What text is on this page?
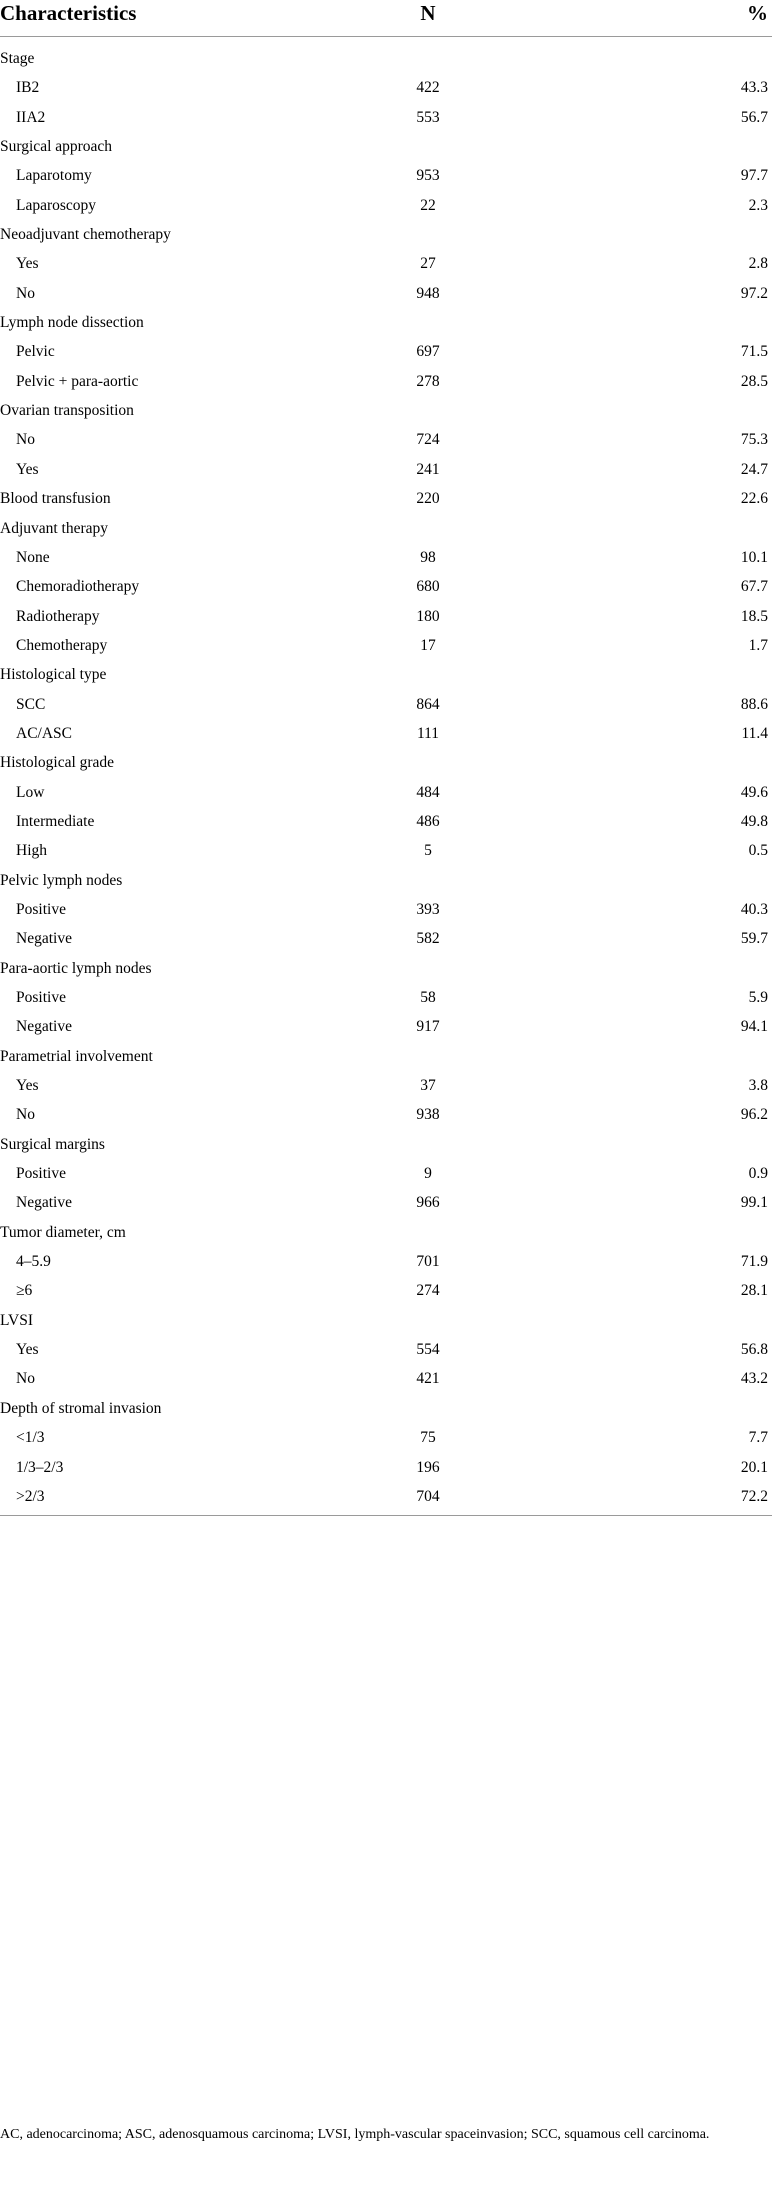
Characteristics	N	%
Stage
IB2	422	43.3
IIA2	553	56.7
Surgical approach
Laparotomy	953	97.7
Laparoscopy	22	2.3
Neoadjuvant chemotherapy
Yes	27	2.8
No	948	97.2
Lymph node dissection
Pelvic	697	71.5
Pelvic + para-aortic	278	28.5
Ovarian transposition
No	724	75.3
Yes	241	24.7
Blood transfusion	220	22.6
Adjuvant therapy
None	98	10.1
Chemoradiotherapy	680	67.7
Radiotherapy	180	18.5
Chemotherapy	17	1.7
Histological type
SCC	864	88.6
AC/ASC	111	11.4
Histological grade
Low	484	49.6
Intermediate	486	49.8
High	5	0.5
Pelvic lymph nodes
Positive	393	40.3
Negative	582	59.7
Para-aortic lymph nodes
Positive	58	5.9
Negative	917	94.1
Parametrial involvement
Yes	37	3.8
No	938	96.2
Surgical margins
Positive	9	0.9
Negative	966	99.1
Tumor diameter, cm
4–5.9	701	71.9
≥6	274	28.1
LVSI
Yes	554	56.8
No	421	43.2
Depth of stromal invasion
<1/3	75	7.7
1/3–2/3	196	20.1
>2/3	704	72.2
AC, adenocarcinoma; ASC, adenosquamous carcinoma; LVSI, lymph-vascular spaceinvasion; SCC, squamous cell carcinoma.
